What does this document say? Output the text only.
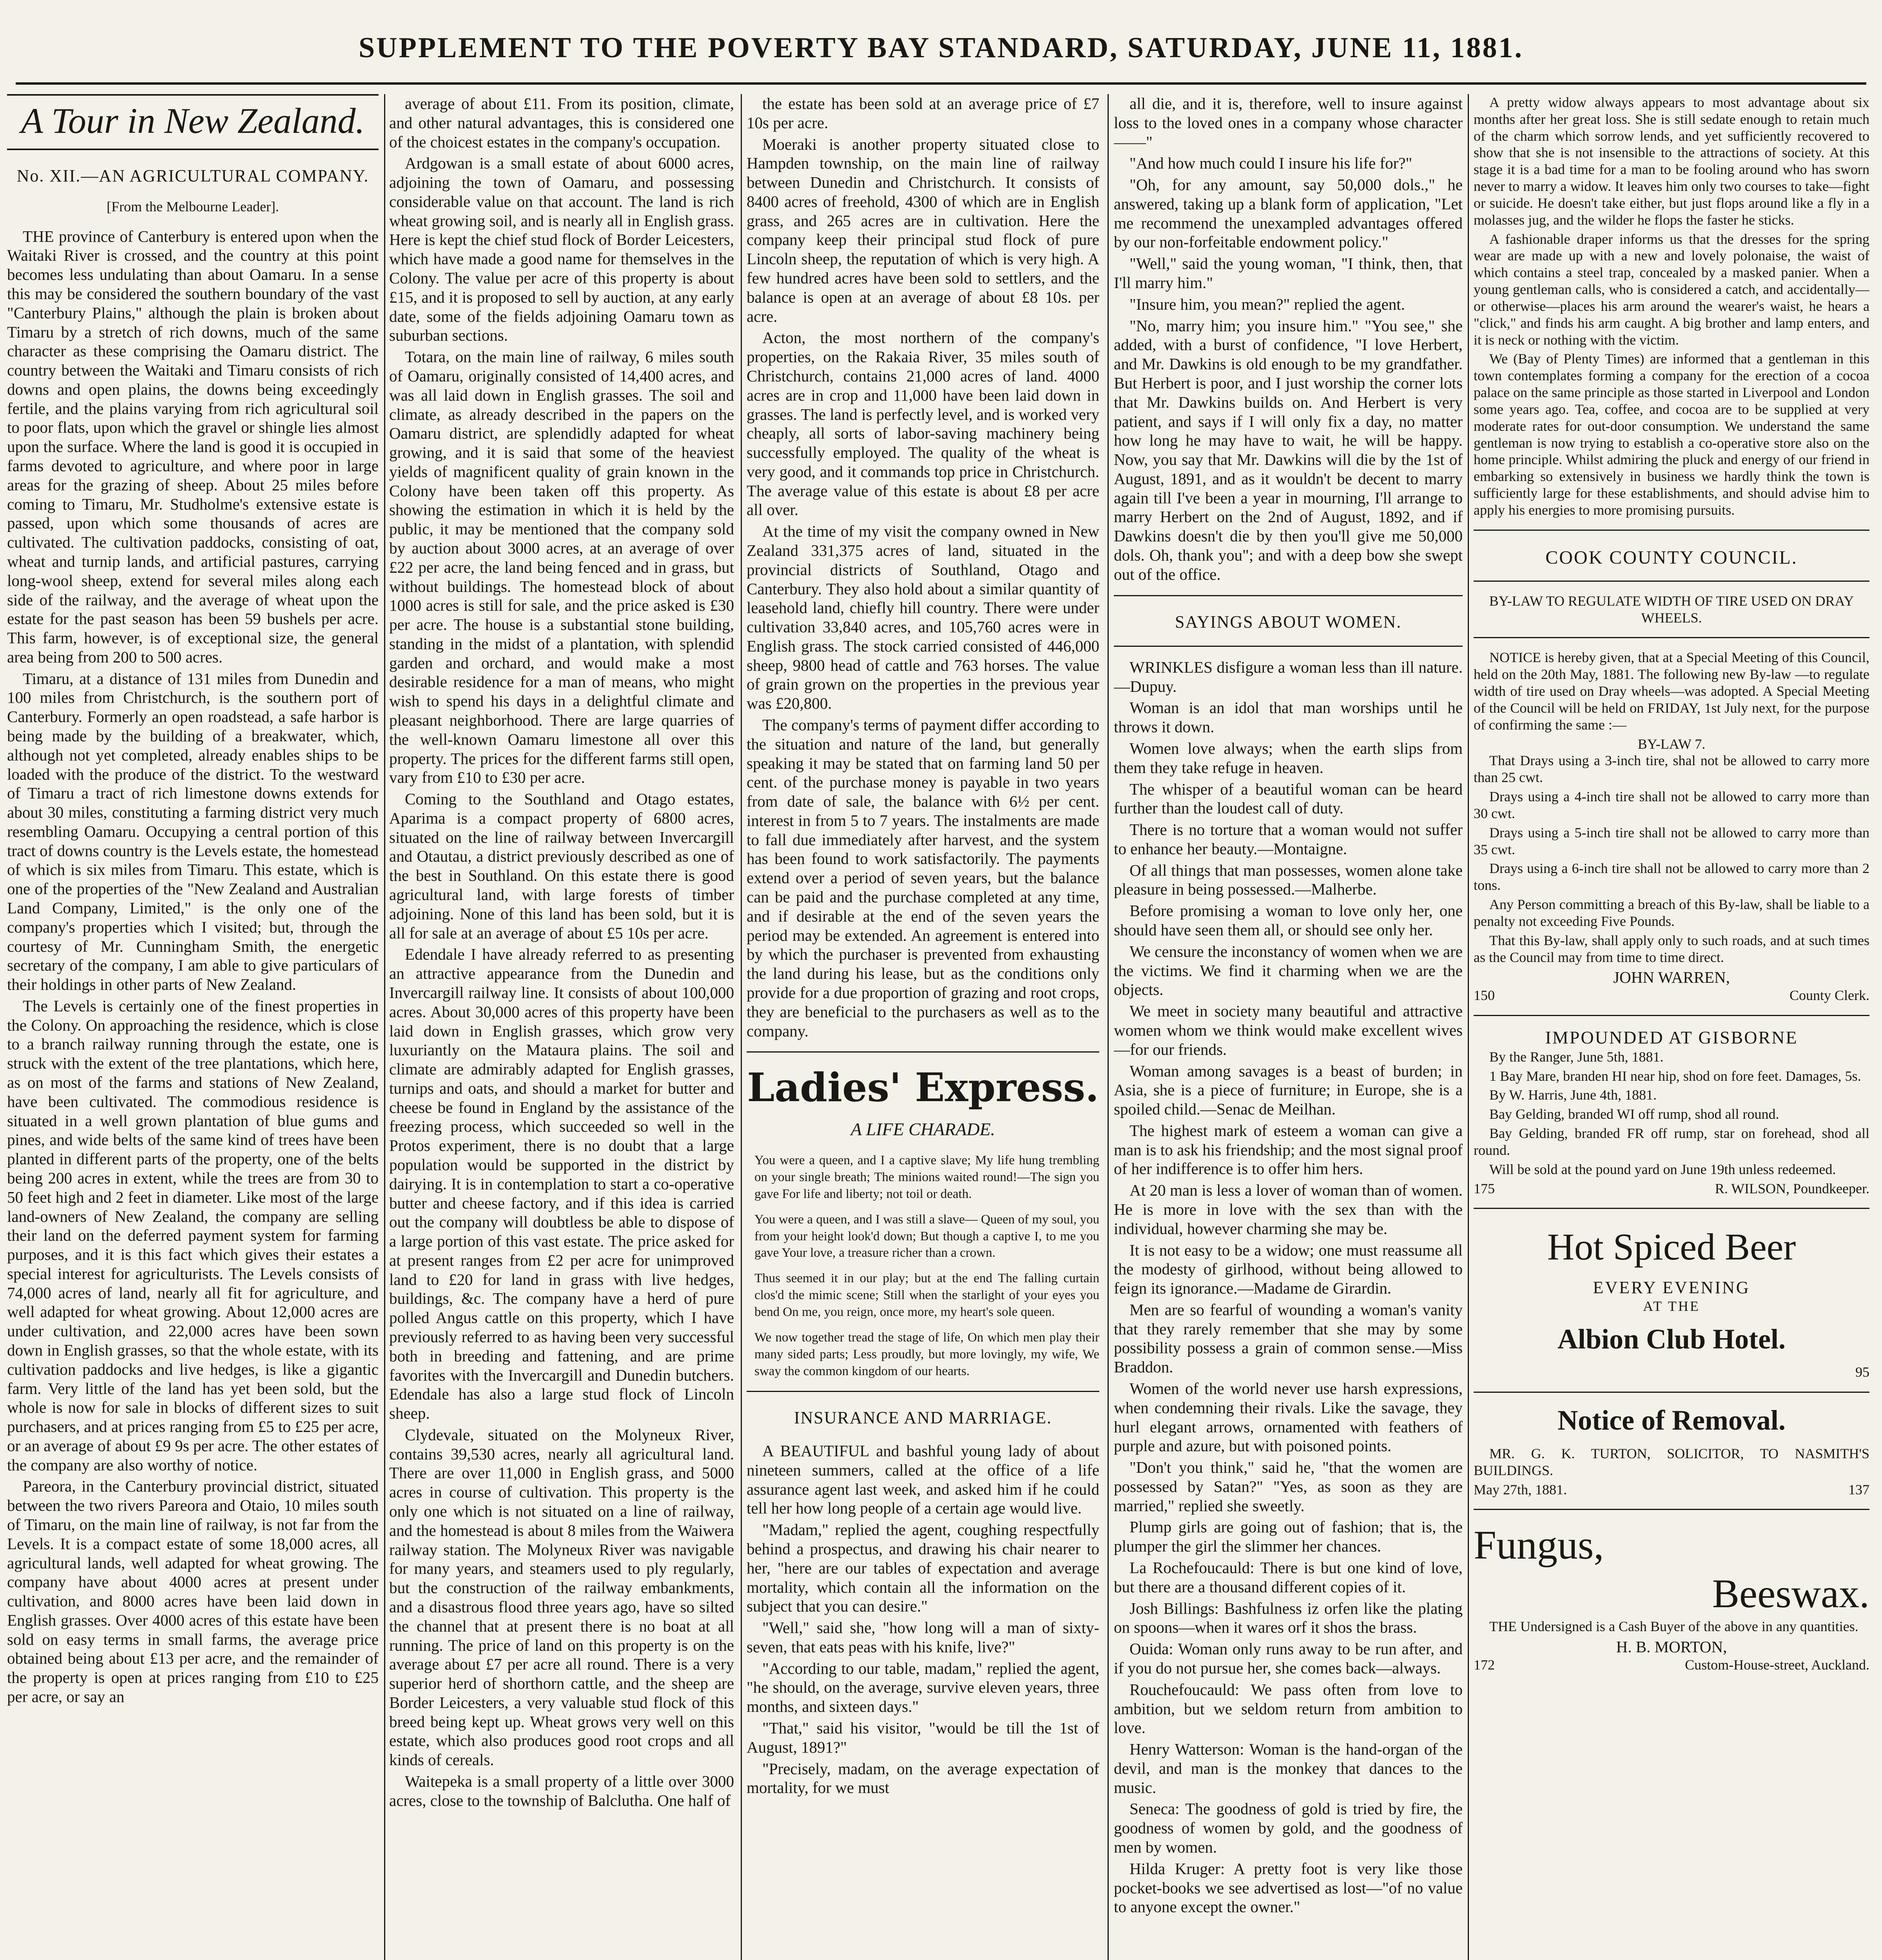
SUPPLEMENT TO THE POVERTY BAY STANDARD, SATURDAY, JUNE 11, 1881.
A Tour in New Zealand.
No. XII.—AN AGRICULTURAL COMPANY.
[From the Melbourne Leader].

THE province of Canterbury is entered upon when the Waitaki River is crossed, and the country at this point becomes less undulating than about Oamaru. In a sense this may be considered the southern boundary of the vast "Canterbury Plains," although the plain is broken about Timaru by a stretch of rich downs, much of the same character as these comprising the Oamaru district. The country between the Waitaki and Timaru consists of rich downs and open plains, the downs being exceedingly fertile, and the plains varying from rich agricultural soil to poor flats, upon which the gravel or shingle lies almost upon the surface. Where the land is good it is occupied in farms devoted to agriculture, and where poor in large areas for the grazing of sheep. About 25 miles before coming to Timaru, Mr. Studholme's extensive estate is passed, upon which some thousands of acres are cultivated. The cultivation paddocks, consisting of oat, wheat and turnip lands, and artificial pastures, carrying long-wool sheep, extend for several miles along each side of the railway, and the average of wheat upon the estate for the past season has been 59 bushels per acre. This farm, however, is of exceptional size, the general area being from 200 to 500 acres.

Timaru, at a distance of 131 miles from Dunedin and 100 miles from Christchurch, is the southern port of Canterbury. Formerly an open roadstead, a safe harbor is being made by the building of a breakwater, which, although not yet completed, already enables ships to be loaded with the produce of the district. To the westward of Timaru a tract of rich limestone downs extends for about 30 miles, constituting a farming district very much resembling Oamaru. Occupying a central portion of this tract of downs country is the Levels estate, the homestead of which is six miles from Timaru. This estate, which is one of the properties of the "New Zealand and Australian Land Company, Limited," is the only one of the company's properties which I visited; but, through the courtesy of Mr. Cunningham Smith, the energetic secretary of the company, I am able to give particulars of their holdings in other parts of New Zealand.

The Levels is certainly one of the finest properties in the Colony. On approaching the residence, which is close to a branch railway running through the estate, one is struck with the extent of the tree plantations, which here, as on most of the farms and stations of New Zealand, have been cultivated. The commodious residence is situated in a well grown plantation of blue gums and pines, and wide belts of the same kind of trees have been planted in different parts of the property, one of the belts being 200 acres in extent, while the trees are from 30 to 50 feet high and 2 feet in diameter. Like most of the large land-owners of New Zealand, the company are selling their land on the deferred payment system for farming purposes, and it is this fact which gives their estates a special interest for agriculturists. The Levels consists of 74,000 acres of land, nearly all fit for agriculture, and well adapted for wheat growing. About 12,000 acres are under cultivation, and 22,000 acres have been sown down in English grasses, so that the whole estate, with its cultivation paddocks and live hedges, is like a gigantic farm. Very little of the land has yet been sold, but the whole is now for sale in blocks of different sizes to suit purchasers, and at prices ranging from £5 to £25 per acre, or an average of about £9 9s per acre. The other estates of the company are also worthy of notice.

Pareora, in the Canterbury provincial district, situated between the two rivers Pareora and Otaio, 10 miles south of Timaru, on the main line of railway, is not far from the Levels. It is a compact estate of some 18,000 acres, all agricultural lands, well adapted for wheat growing. The company have about 4000 acres at present under cultivation, and 8000 acres have been laid down in English grasses. Over 4000 acres of this estate have been sold on easy terms in small farms, the average price obtained being about £13 per acre, and the remainder of the property is open at prices ranging from £10 to £25 per acre, or say an

average of about £11. From its position, climate, and other natural advantages, this is considered one of the choicest estates in the company's occupation.

Ardgowan is a small estate of about 6000 acres, adjoining the town of Oamaru, and possessing considerable value on that account. The land is rich wheat growing soil, and is nearly all in English grass. Here is kept the chief stud flock of Border Leicesters, which have made a good name for themselves in the Colony. The value per acre of this property is about £15, and it is proposed to sell by auction, at any early date, some of the fields adjoining Oamaru town as suburban sections.

Totara, on the main line of railway, 6 miles south of Oamaru, originally consisted of 14,400 acres, and was all laid down in English grasses. The soil and climate, as already described in the papers on the Oamaru district, are splendidly adapted for wheat growing, and it is said that some of the heaviest yields of magnificent quality of grain known in the Colony have been taken off this property. As showing the estimation in which it is held by the public, it may be mentioned that the company sold by auction about 3000 acres, at an average of over £22 per acre, the land being fenced and in grass, but without buildings. The homestead block of about 1000 acres is still for sale, and the price asked is £30 per acre. The house is a substantial stone building, standing in the midst of a plantation, with splendid garden and orchard, and would make a most desirable residence for a man of means, who might wish to spend his days in a delightful climate and pleasant neighborhood. There are large quarries of the well-known Oamaru limestone all over this property. The prices for the different farms still open, vary from £10 to £30 per acre.

Coming to the Southland and Otago estates, Aparima is a compact property of 6800 acres, situated on the line of railway between Invercargill and Otautau, a district previously described as one of the best in Southland. On this estate there is good agricultural land, with large forests of timber adjoining. None of this land has been sold, but it is all for sale at an average of about £5 10s per acre.

Edendale I have already referred to as presenting an attractive appearance from the Dunedin and Invercargill railway line. It consists of about 100,000 acres. About 30,000 acres of this property have been laid down in English grasses, which grow very luxuriantly on the Mataura plains. The soil and climate are admirably adapted for English grasses, turnips and oats, and should a market for butter and cheese be found in England by the assistance of the freezing process, which succeeded so well in the Protos experiment, there is no doubt that a large population would be supported in the district by dairying. It is in contemplation to start a co-operative butter and cheese factory, and if this idea is carried out the company will doubtless be able to dispose of a large portion of this vast estate. The price asked for at present ranges from £2 per acre for unimproved land to £20 for land in grass with live hedges, buildings, &c. The company have a herd of pure polled Angus cattle on this property, which I have previously referred to as having been very successful both in breeding and fattening, and are prime favorites with the Invercargill and Dunedin butchers. Edendale has also a large stud flock of Lincoln sheep.

Clydevale, situated on the Molyneux River, contains 39,530 acres, nearly all agricultural land. There are over 11,000 in English grass, and 5000 acres in course of cultivation. This property is the only one which is not situated on a line of railway, and the homestead is about 8 miles from the Waiwera railway station. The Molyneux River was navigable for many years, and steamers used to ply regularly, but the construction of the railway embankments, and a disastrous flood three years ago, have so silted the channel that at present there is no boat at all running. The price of land on this property is on the average about £7 per acre all round. There is a very superior herd of shorthorn cattle, and the sheep are Border Leicesters, a very valuable stud flock of this breed being kept up. Wheat grows very well on this estate, which also produces good root crops and all kinds of cereals.

Waitepeka is a small property of a little over 3000 acres, close to the township of Balclutha. One half of

the estate has been sold at an average price of £7 10s per acre.

Moeraki is another property situated close to Hampden township, on the main line of railway between Dunedin and Christchurch. It consists of 8400 acres of freehold, 4300 of which are in English grass, and 265 acres are in cultivation. Here the company keep their principal stud flock of pure Lincoln sheep, the reputation of which is very high. A few hundred acres have been sold to settlers, and the balance is open at an average of about £8 10s. per acre.

Acton, the most northern of the company's properties, on the Rakaia River, 35 miles south of Christchurch, contains 21,000 acres of land. 4000 acres are in crop and 11,000 have been laid down in grasses. The land is perfectly level, and is worked very cheaply, all sorts of labor-saving machinery being successfully employed. The quality of the wheat is very good, and it commands top price in Christchurch. The average value of this estate is about £8 per acre all over.

At the time of my visit the company owned in New Zealand 331,375 acres of land, situated in the provincial districts of Southland, Otago and Canterbury. They also hold about a similar quantity of leasehold land, chiefly hill country. There were under cultivation 33,840 acres, and 105,760 acres were in English grass. The stock carried consisted of 446,000 sheep, 9800 head of cattle and 763 horses. The value of grain grown on the properties in the previous year was £20,800.

The company's terms of payment differ according to the situation and nature of the land, but generally speaking it may be stated that on farming land 50 per cent. of the purchase money is payable in two years from date of sale, the balance with 6½ per cent. interest in from 5 to 7 years. The instalments are made to fall due immediately after harvest, and the system has been found to work satisfactorily. The payments extend over a period of seven years, but the balance can be paid and the purchase completed at any time, and if desirable at the end of the seven years the period may be extended. An agreement is entered into by which the purchaser is prevented from exhausting the land during his lease, but as the conditions only provide for a due proportion of grazing and root crops, they are beneficial to the purchasers as well as to the company.

Ladies' Express.
A LIFE CHARADE.

You were a queen, and I a captive slave; My life hung trembling on your single breath; The minions waited round!—The sign you gave For life and liberty; not toil or death.

You were a queen, and I was still a slave— Queen of my soul, you from your height look'd down; But though a captive I, to me you gave Your love, a treasure richer than a crown.

Thus seemed it in our play; but at the end The falling curtain clos'd the mimic scene; Still when the starlight of your eyes you bend On me, you reign, once more, my heart's sole queen.

We now together tread the stage of life, On which men play their many sided parts; Less proudly, but more lovingly, my wife, We sway the common kingdom of our hearts.

INSURANCE AND MARRIAGE.

A BEAUTIFUL and bashful young lady of about nineteen summers, called at the office of a life assurance agent last week, and asked him if he could tell her how long people of a certain age would live.

"Madam," replied the agent, coughing respectfully behind a prospectus, and drawing his chair nearer to her, "here are our tables of expectation and average mortality, which contain all the information on the subject that you can desire."

"Well," said she, "how long will a man of sixty-seven, that eats peas with his knife, live?"

"According to our table, madam," replied the agent, "he should, on the average, survive eleven years, three months, and sixteen days."

"That," said his visitor, "would be till the 1st of August, 1891?"

"Precisely, madam, on the average expectation of mortality, for we must

all die, and it is, therefore, well to insure against loss to the loved ones in a company whose character——"

"And how much could I insure his life for?"

"Oh, for any amount, say 50,000 dols.," he answered, taking up a blank form of application, "Let me recommend the unexampled advantages offered by our non-forfeitable endowment policy."

"Well," said the young woman, "I think, then, that I'll marry him."

"Insure him, you mean?" replied the agent.

"No, marry him; you insure him." "You see," she added, with a burst of confidence, "I love Herbert, and Mr. Dawkins is old enough to be my grandfather. But Herbert is poor, and I just worship the corner lots that Mr. Dawkins builds on. And Herbert is very patient, and says if I will only fix a day, no matter how long he may have to wait, he will be happy. Now, you say that Mr. Dawkins will die by the 1st of August, 1891, and as it wouldn't be decent to marry again till I've been a year in mourning, I'll arrange to marry Herbert on the 2nd of August, 1892, and if Dawkins doesn't die by then you'll give me 50,000 dols. Oh, thank you"; and with a deep bow she swept out of the office.

SAYINGS ABOUT WOMEN.

WRINKLES disfigure a woman less than ill nature.—Dupuy.

Woman is an idol that man worships until he throws it down.

Women love always; when the earth slips from them they take refuge in heaven.

The whisper of a beautiful woman can be heard further than the loudest call of duty.

There is no torture that a woman would not suffer to enhance her beauty.—Montaigne.

Of all things that man possesses, women alone take pleasure in being possessed.—Malherbe.

Before promising a woman to love only her, one should have seen them all, or should see only her.

We censure the inconstancy of women when we are the victims. We find it charming when we are the objects.

We meet in society many beautiful and attractive women whom we think would make excellent wives—for our friends.

Woman among savages is a beast of burden; in Asia, she is a piece of furniture; in Europe, she is a spoiled child.—Senac de Meilhan.

The highest mark of esteem a woman can give a man is to ask his friendship; and the most signal proof of her indifference is to offer him hers.

At 20 man is less a lover of woman than of women. He is more in love with the sex than with the individual, however charming she may be.

It is not easy to be a widow; one must reassume all the modesty of girlhood, without being allowed to feign its ignorance.—Madame de Girardin.

Men are so fearful of wounding a woman's vanity that they rarely remember that she may by some possibility possess a grain of common sense.—Miss Braddon.

Women of the world never use harsh expressions, when condemning their rivals. Like the savage, they hurl elegant arrows, ornamented with feathers of purple and azure, but with poisoned points.

"Don't you think," said he, "that the women are possessed by Satan?" "Yes, as soon as they are married," replied she sweetly.

Plump girls are going out of fashion; that is, the plumper the girl the slimmer her chances.

La Rochefoucauld: There is but one kind of love, but there are a thousand different copies of it.

Josh Billings: Bashfulness iz orfen like the plating on spoons—when it wares orf it shos the brass.

Ouida: Woman only runs away to be run after, and if you do not pursue her, she comes back—always.

Rouchefoucauld: We pass often from love to ambition, but we seldom return from ambition to love.

Henry Watterson: Woman is the hand-organ of the devil, and man is the monkey that dances to the music.

Seneca: The goodness of gold is tried by fire, the goodness of women by gold, and the goodness of men by women.

Hilda Kruger: A pretty foot is very like those pocket-books we see advertised as lost—"of no value to anyone except the owner."

A pretty widow always appears to most advantage about six months after her great loss. She is still sedate enough to retain much of the charm which sorrow lends, and yet sufficiently recovered to show that she is not insensible to the attractions of society. At this stage it is a bad time for a man to be fooling around who has sworn never to marry a widow. It leaves him only two courses to take—fight or suicide. He doesn't take either, but just flops around like a fly in a molasses jug, and the wilder he flops the faster he sticks.

A fashionable draper informs us that the dresses for the spring wear are made up with a new and lovely polonaise, the waist of which contains a steel trap, concealed by a masked panier. When a young gentleman calls, who is considered a catch, and accidentally—or otherwise—places his arm around the wearer's waist, he hears a "click," and finds his arm caught. A big brother and lamp enters, and it is neck or nothing with the victim.

We (Bay of Plenty Times) are informed that a gentleman in this town contemplates forming a company for the erection of a cocoa palace on the same principle as those started in Liverpool and London some years ago. Tea, coffee, and cocoa are to be supplied at very moderate rates for out-door consumption. We understand the same gentleman is now trying to establish a co-operative store also on the home principle. Whilst admiring the pluck and energy of our friend in embarking so extensively in business we hardly think the town is sufficiently large for these establishments, and should advise him to apply his energies to more promising pursuits.

COOK COUNTY COUNCIL.
BY-LAW TO REGULATE WIDTH OF TIRE USED ON DRAY WHEELS.

NOTICE is hereby given, that at a Special Meeting of this Council, held on the 20th May, 1881. The following new By-law —to regulate width of tire used on Dray wheels—was adopted. A Special Meeting of the Council will be held on FRIDAY, 1st July next, for the purpose of confirming the same :—

BY-LAW 7.

That Drays using a 3-inch tire, shal not be allowed to carry more than 25 cwt.

Drays using a 4-inch tire shall not be allowed to carry more than 30 cwt.

Drays using a 5-inch tire shall not be allowed to carry more than 35 cwt.

Drays using a 6-inch tire shall not be allowed to carry more than 2 tons.

Any Person committing a breach of this By-law, shall be liable to a penalty not exceeding Five Pounds.

That this By-law, shall apply only to such roads, and at such times as the Council may from time to time direct.

JOHN WARREN,
150	County Clerk.
IMPOUNDED AT GISBORNE

By the Ranger, June 5th, 1881.

1 Bay Mare, branden HI near hip, shod on fore feet. Damages, 5s.

By W. Harris, June 4th, 1881.

Bay Gelding, branded WI off rump, shod all round.

Bay Gelding, branded FR off rump, star on forehead, shod all round.

Will be sold at the pound yard on June 19th unless redeemed.

175	R. WILSON, Poundkeeper.
Hot Spiced Beer
EVERY EVENING
AT THE
Albion Club Hotel.
95
Notice of Removal.

MR. G. K. TURTON, SOLICITOR, TO NASMITH'S BUILDINGS.

May 27th, 1881.	137
Fungus,
Beeswax.

THE Undersigned is a Cash Buyer of the above in any quantities.

H. B. MORTON,
172	Custom-House-street, Auckland.
